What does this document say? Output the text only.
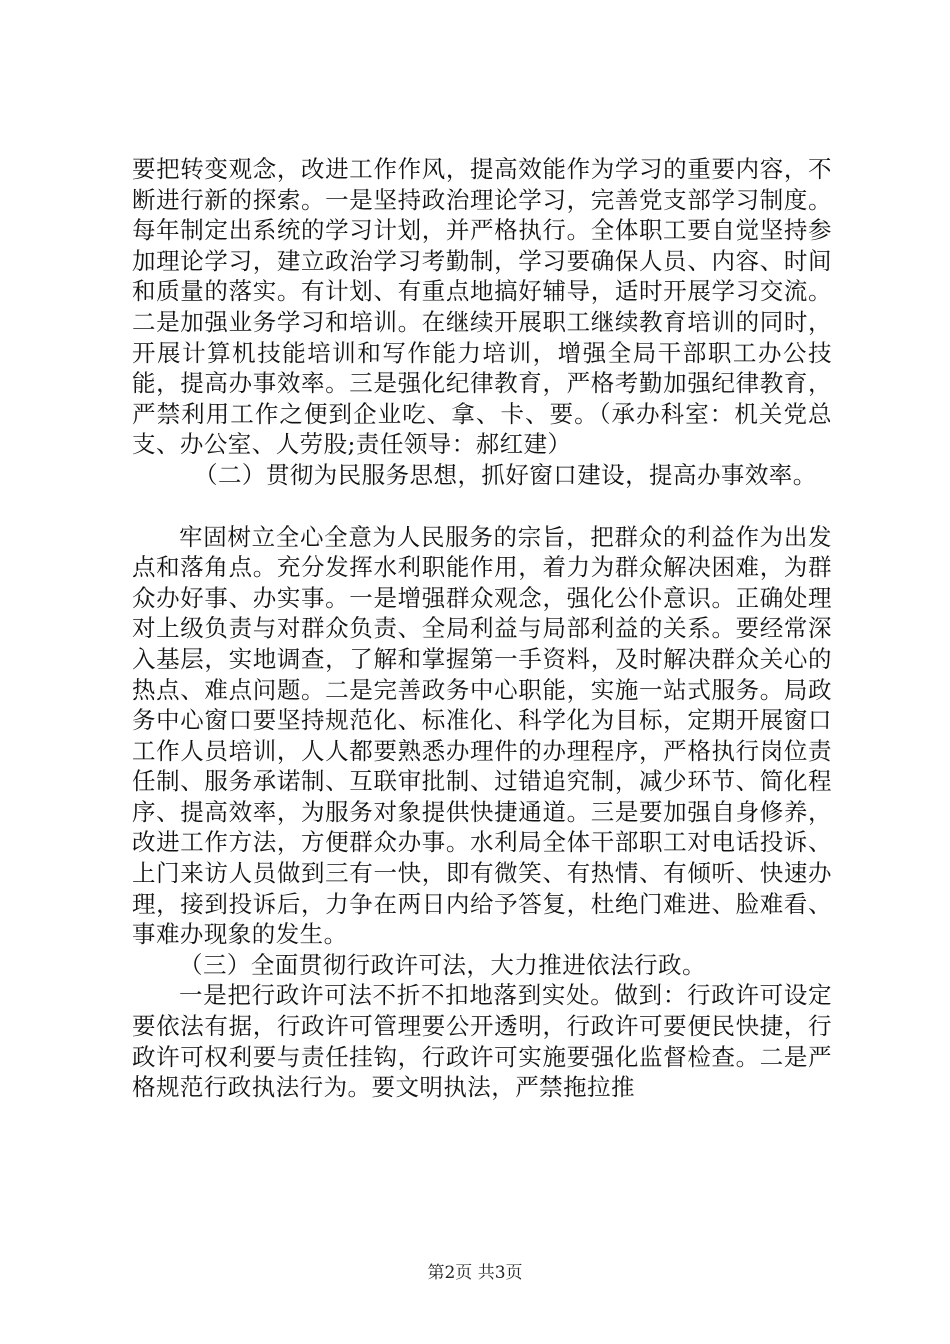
要把转变观念，改进工作作风，提高效能作为学习的重要内容，不断进行新的探索。一是坚持政治理论学习，完善党支部学习制度。每年制定出系统的学习计划，并严格执行。全体职工要自觉坚持参加理论学习，建立政治学习考勤制，学习要确保人员、内容、时间和质量的落实。有计划、有重点地搞好辅导，适时开展学习交流。二是加强业务学习和培训。在继续开展职工继续教育培训的同时，开展计算机技能培训和写作能力培训，增强全局干部职工办公技能，提高办事效率。三是强化纪律教育，严格考勤加强纪律教育，严禁利用工作之便到企业吃、拿、卡、要。（承办科室：机关党总支、办公室、人劳股;责任领导：郝红建）

（二）贯彻为民服务思想，抓好窗口建设，提高办事效率。

牢固树立全心全意为人民服务的宗旨，把群众的利益作为出发点和落角点。充分发挥水利职能作用，着力为群众解决困难，为群众办好事、办实事。一是增强群众观念，强化公仆意识。正确处理对上级负责与对群众负责、全局利益与局部利益的关系。要经常深入基层，实地调查，了解和掌握第一手资料，及时解决群众关心的热点、难点问题。二是完善政务中心职能，实施一站式服务。局政务中心窗口要坚持规范化、标准化、科学化为目标，定期开展窗口工作人员培训，人人都要熟悉办理件的办理程序，严格执行岗位责任制、服务承诺制、互联审批制、过错追究制，减少环节、简化程序、提高效率，为服务对象提供快捷通道。三是要加强自身修养，改进工作方法，方便群众办事。水利局全体干部职工对电话投诉、上门来访人员做到三有一快，即有微笑、有热情、有倾听、快速办理，接到投诉后，力争在两日内给予答复，杜绝门难进、脸难看、事难办现象的发生。

（三）全面贯彻行政许可法，大力推进依法行政。

一是把行政许可法不折不扣地落到实处。做到：行政许可设定要依法有据，行政许可管理要公开透明，行政许可要便民快捷，行政许可权利要与责任挂钩，行政许可实施要强化监督检查。二是严格规范行政执法行为。要文明执法，严禁拖拉推

第2页 共3页
